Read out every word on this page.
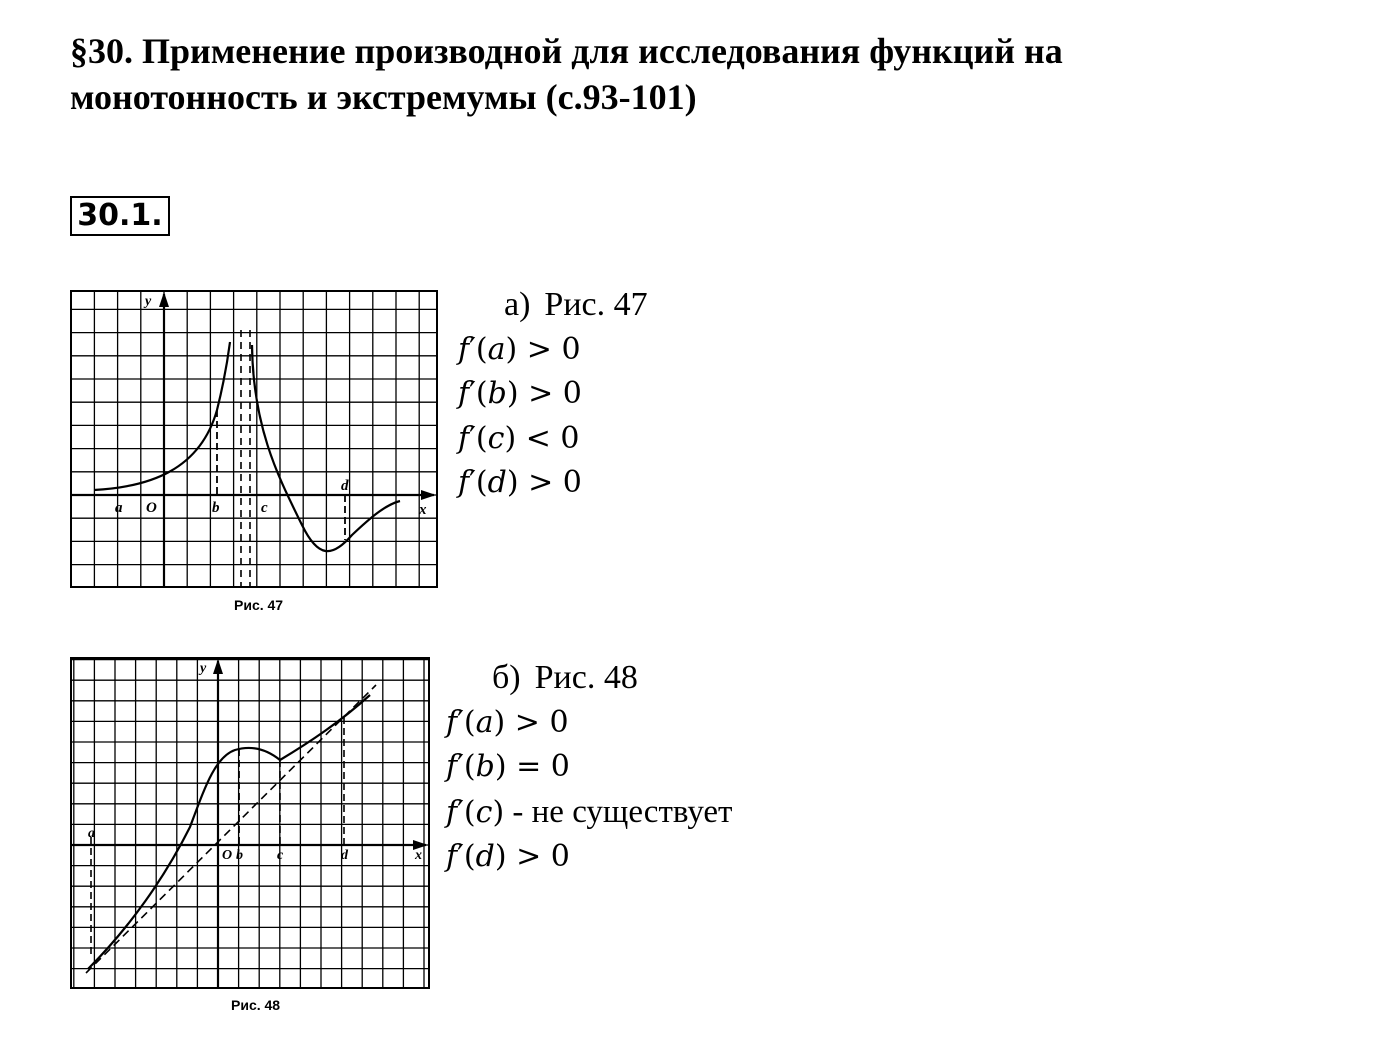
§30. Применение производной для исследования функций на
монотонность и экстремумы (с.93-101)
30.1.
y
x
a O	b	c
d
Рис. 47
y
x
a
O b c	d
Рис. 48
а) Рис. 47
f′(a) > 0
f′(b) > 0
f′(c) < 0
f′(d) > 0
б) Рис. 48
f′(a) > 0
f′(b) = 0
f′(c) - не существует
f′(d) > 0
